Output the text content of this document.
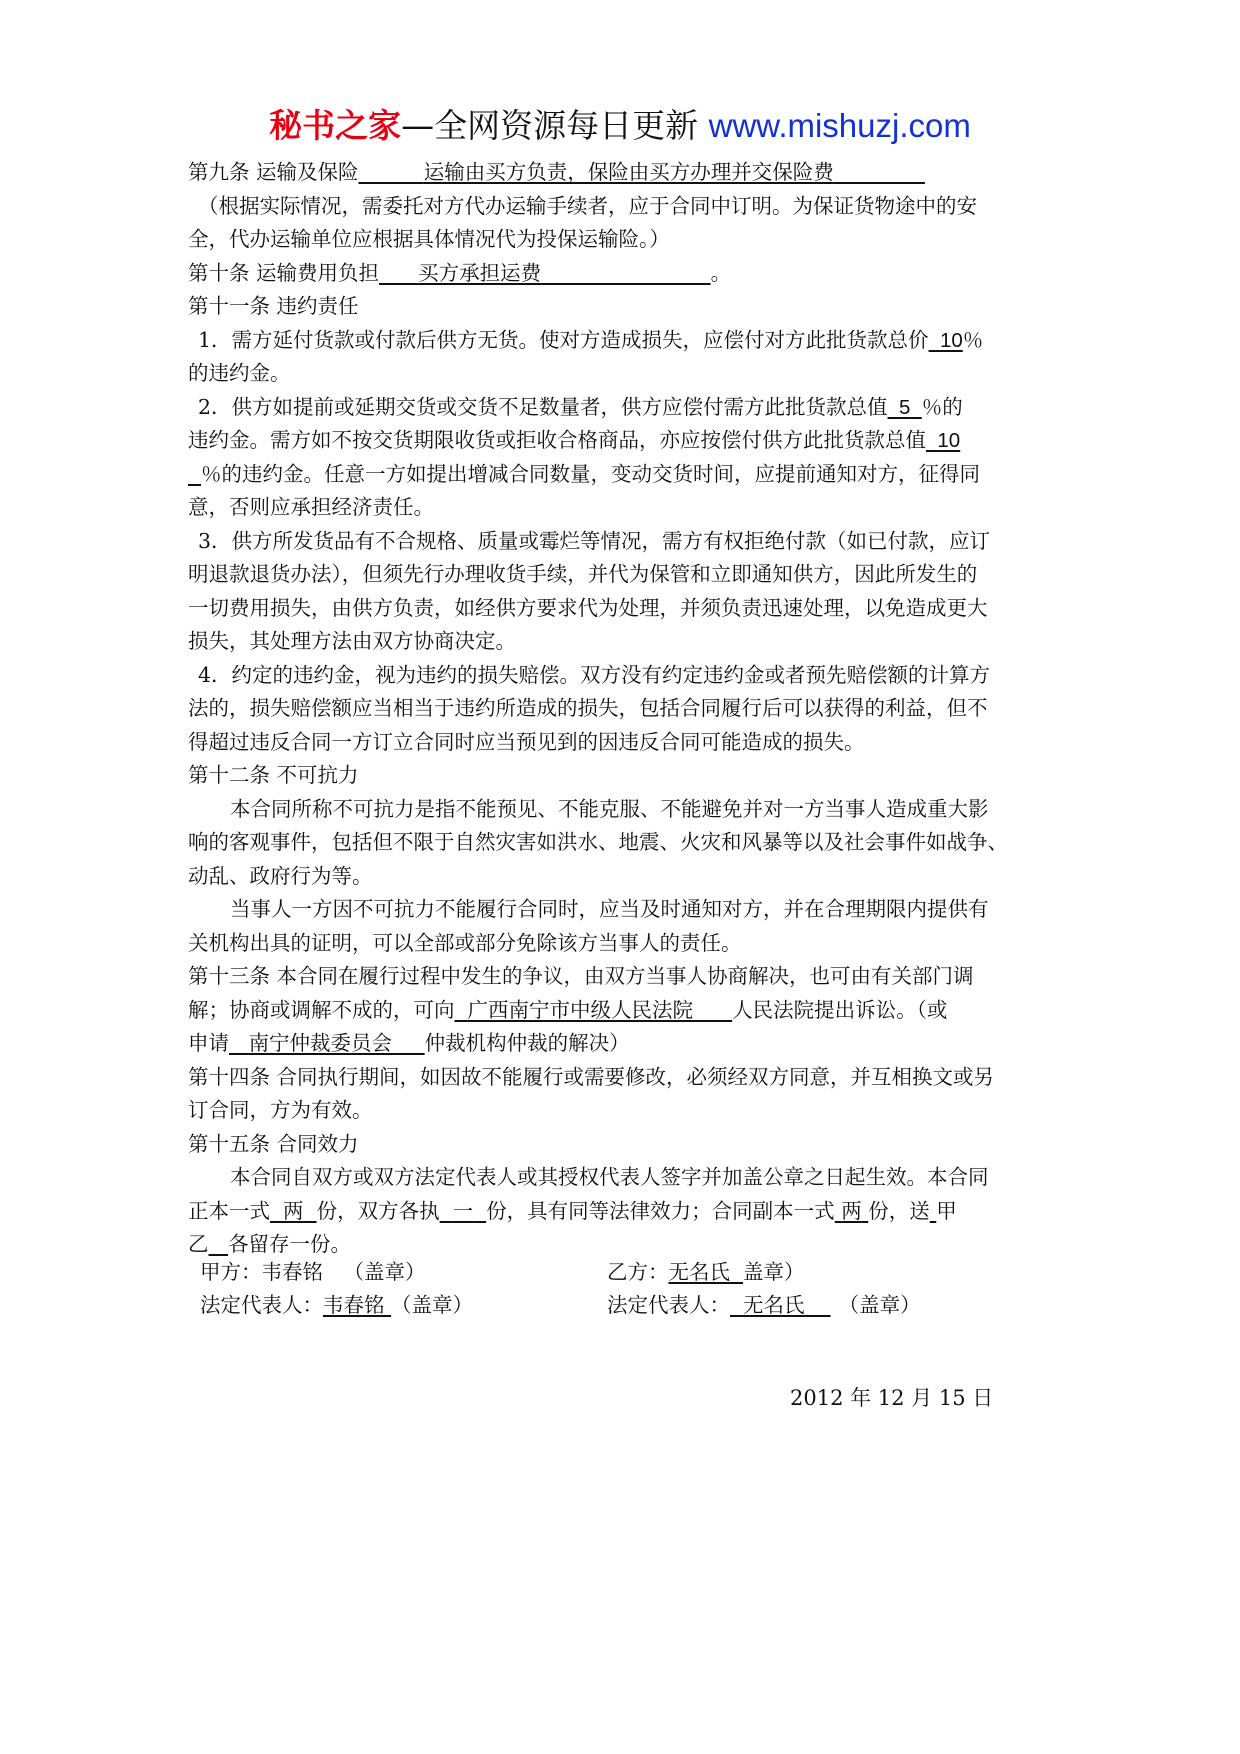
秘书之家—全网资源每日更新 www.mishuzj.com

第九条 运输及保险	运输由买方负责，保险由买方办理并交保险费

（根据实际情况，需委托对方代办运输手续者，应于合同中订明。为保证货物途中的安

全，代办运输单位应根据具体情况代为投保运输险。）

第十条 运输费用负担 买方承担运费	。

第十一条 违约责任

1．需方延付货款或付款后供方无货。使对方造成损失，应偿付对方此批货款总价 10％

的违约金。

2．供方如提前或延期交货或交货不足数量者，供方应偿付需方此批货款总值 5 ％的

违约金。需方如不按交货期限收货或拒收合格商品，亦应按偿付供方此批货款总值 10

％的违约金。任意一方如提出增减合同数量，变动交货时间，应提前通知对方，征得同

意，否则应承担经济责任。

3．供方所发货品有不合规格、质量或霉烂等情况，需方有权拒绝付款（如已付款，应订

明退款退货办法），但须先行办理收货手续，并代为保管和立即通知供方，因此所发生的

一切费用损失，由供方负责，如经供方要求代为处理，并须负责迅速处理，以免造成更大

损失，其处理方法由双方协商决定。

4．约定的违约金，视为违约的损失赔偿。双方没有约定违约金或者预先赔偿额的计算方

法的，损失赔偿额应当相当于违约所造成的损失，包括合同履行后可以获得的利益，但不

得超过违反合同一方订立合同时应当预见到的因违反合同可能造成的损失。

第十二条 不可抗力

本合同所称不可抗力是指不能预见、不能克服、不能避免并对一方当事人造成重大影

响的客观事件，包括但不限于自然灾害如洪水、地震、火灾和风暴等以及社会事件如战争、

动乱、政府行为等。

当事人一方因不可抗力不能履行合同时，应当及时通知对方，并在合理期限内提供有

关机构出具的证明，可以全部或部分免除该方当事人的责任。

第十三条 本合同在履行过程中发生的争议，由双方当事人协商解决，也可由有关部门调

解；协商或调解不成的，可向 广西南宁市中级人民法院 人民法院提出诉讼。（或

申请 南宁仲裁委员会 仲裁机构仲裁的解决）

第十四条 合同执行期间，如因故不能履行或需要修改，必须经双方同意，并互相换文或另

订合同，方为有效。

第十五条 合同效力

本合同自双方或双方法定代表人或其授权代表人签字并加盖公章之日起生效。本合同

正本一式 两 份，双方各执 一 份，具有同等法律效力；合同副本一式 两 份，送 甲

乙 各留存一份。

甲方：韦春铭 （盖章）	乙方：无名氏 盖章）
法定代表人：韦春铭 （盖章）	法定代表人： 无名氏 （盖章）
2012 年 12 月 15 日
